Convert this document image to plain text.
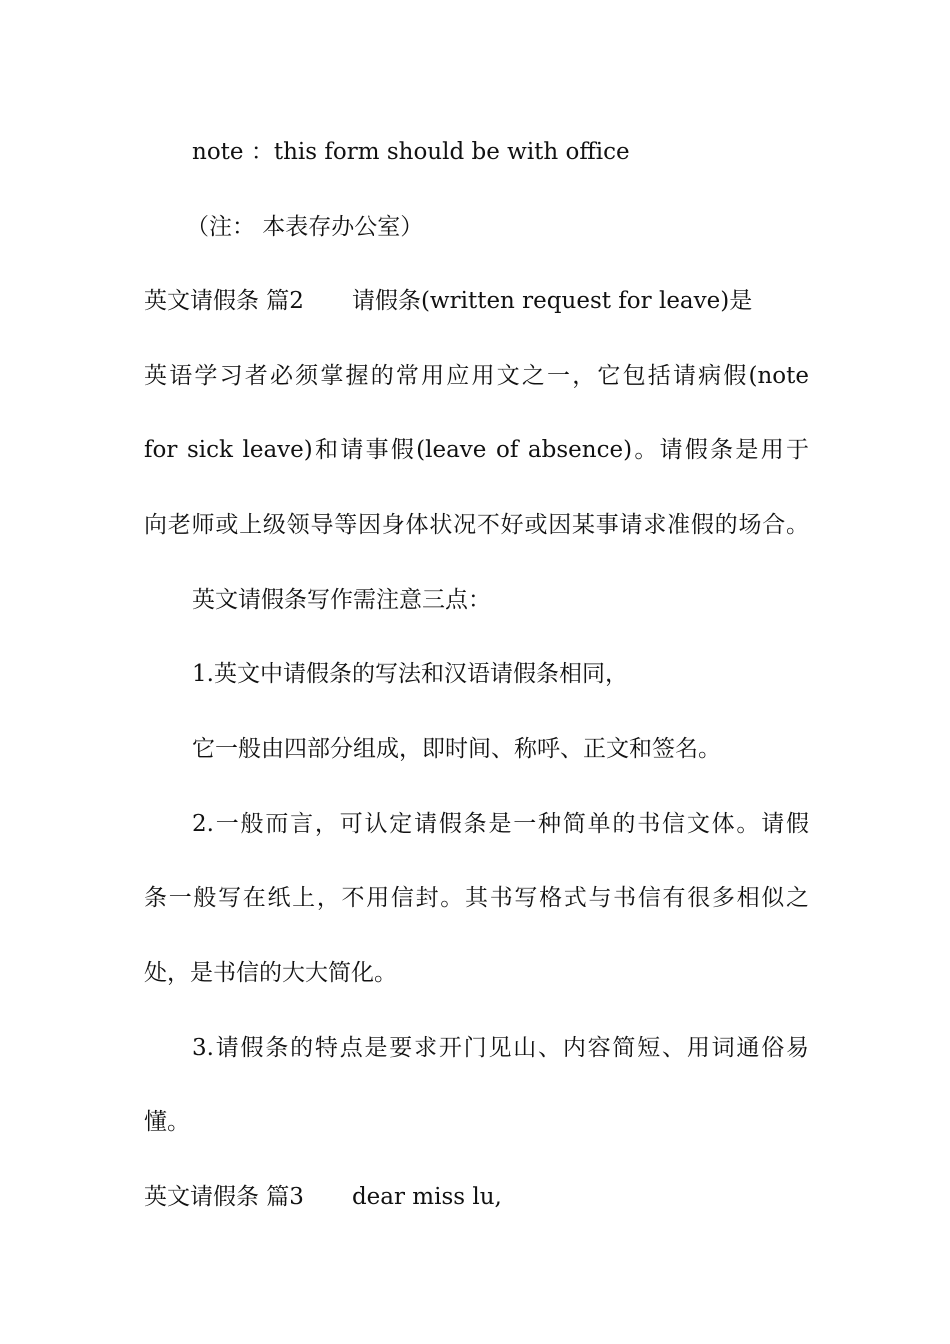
note ：this form should be with office
（注： 本表存办公室）
英文请假条 篇2 请假条(written request for leave)是
英语学习者必须掌握的常用应用文之一，它包括请病假(note
for sick leave)和请事假(leave of absence)。请假条是用于
向老师或上级领导等因身体状况不好或因某事请求准假的场合。
英文请假条写作需注意三点：
1.英文中请假条的写法和汉语请假条相同，
它一般由四部分组成，即时间、称呼、正文和签名。
2.一般而言，可认定请假条是一种简单的书信文体。请假
条一般写在纸上，不用信封。其书写格式与书信有很多相似之
处，是书信的大大简化。
3.请假条的特点是要求开门见山、内容简短、用词通俗易
懂。
英文请假条 篇3 dear miss lu,
